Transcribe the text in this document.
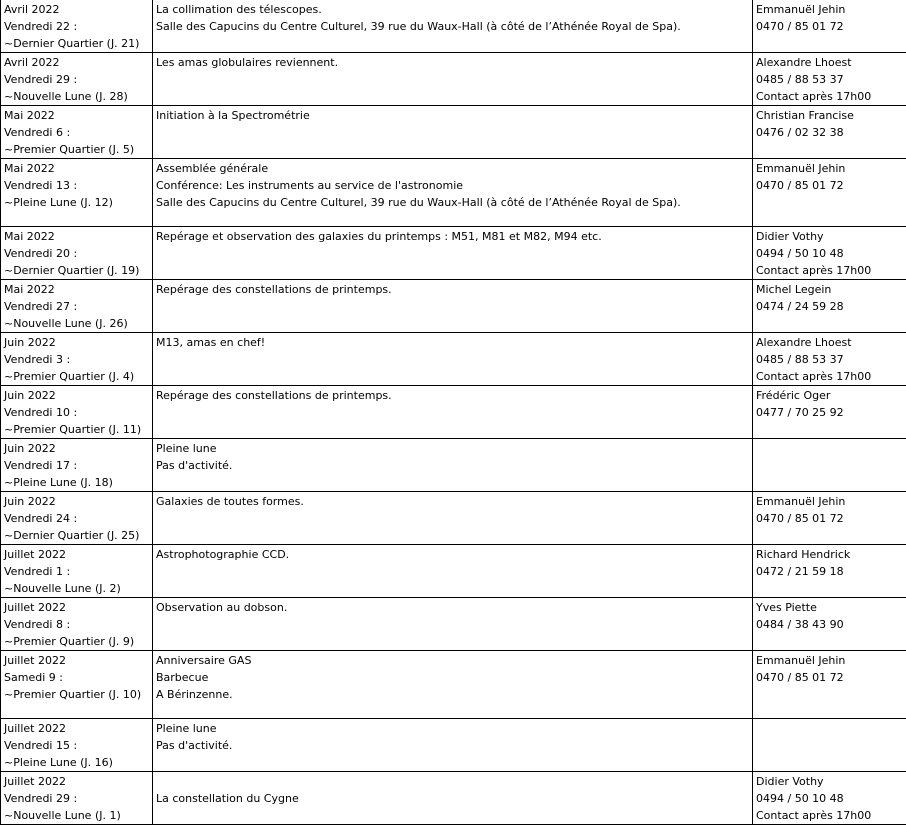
Avril 2022
Vendredi 22 :
~Dernier Quartier (J. 21)	La collimation des télescopes.
Salle des Capucins du Centre Culturel, 39 rue du Waux-Hall (à côté de l’Athénée Royal de Spa).	Emmanuël Jehin
0470 / 85 01 72

Avril 2022
Vendredi 29 :
~Nouvelle Lune (J. 28)	Les amas globulaires reviennent.	Alexandre Lhoest
0485 / 88 53 37
Contact après 17h00

Mai 2022
Vendredi 6 :
~Premier Quartier (J. 5)	Initiation à la Spectrométrie	Christian Francise
0476 / 02 32 38

Mai 2022
Vendredi 13 :
~Pleine Lune (J. 12)	Assemblée générale
Conférence: Les instruments au service de l'astronomie
Salle des Capucins du Centre Culturel, 39 rue du Waux-Hall (à côté de l’Athénée Royal de Spa).	Emmanuël Jehin
0470 / 85 01 72

Mai 2022
Vendredi 20 :
~Dernier Quartier (J. 19)	Repérage et observation des galaxies du printemps : M51, M81 et M82, M94 etc.	Didier Vothy
0494 / 50 10 48
Contact après 17h00

Mai 2022
Vendredi 27 :
~Nouvelle Lune (J. 26)	Repérage des constellations de printemps.	Michel Legein
0474 / 24 59 28

Juin 2022
Vendredi 3 :
~Premier Quartier (J. 4)	M13, amas en chef!	Alexandre Lhoest
0485 / 88 53 37
Contact après 17h00

Juin 2022
Vendredi 10 :
~Premier Quartier (J. 11)	Repérage des constellations de printemps.	Frédéric Oger
0477 / 70 25 92

Juin 2022
Vendredi 17 :
~Pleine Lune (J. 18)	Pleine lune
Pas d'activité.	

Juin 2022
Vendredi 24 :
~Dernier Quartier (J. 25)	Galaxies de toutes formes.	Emmanuël Jehin
0470 / 85 01 72

Juillet 2022
Vendredi 1 :
~Nouvelle Lune (J. 2)	Astrophotographie CCD.	Richard Hendrick
0472 / 21 59 18

Juillet 2022
Vendredi 8 :
~Premier Quartier (J. 9)	Observation au dobson.	Yves Piette
0484 / 38 43 90

Juillet 2022
Samedi 9 :
~Premier Quartier (J. 10)	Anniversaire GAS
Barbecue
A Bérinzenne.	Emmanuël Jehin
0470 / 85 01 72

Juillet 2022
Vendredi 15 :
~Pleine Lune (J. 16)	Pleine lune
Pas d'activité.	

Juillet 2022
Vendredi 29 :
~Nouvelle Lune (J. 1)	La constellation du Cygne	Didier Vothy
0494 / 50 10 48
Contact après 17h00
